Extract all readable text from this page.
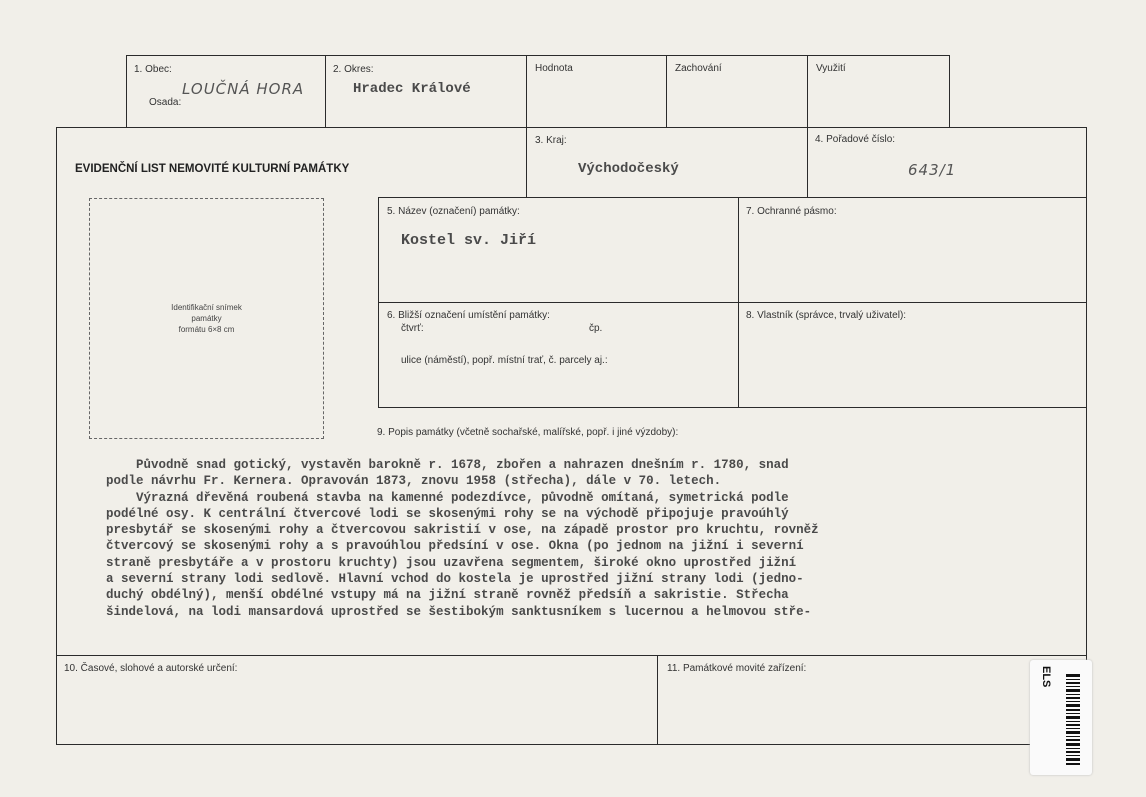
1. Obec:
LOUČNÁ HORA
Osada:
2. Okres:
Hradec Králové
Hodnota	Zachování	Využití
EVIDENČNÍ LIST NEMOVITÉ KULTURNÍ PAMÁTKY
3. Kraj:
Východočeský
4. Pořadové číslo:
643/1
Identifikační snímek
památky
formátu 6×8 cm
5. Název (označení) památky:
Kostel sv. Jiří
7. Ochranné pásmo:
6. Bližší označení umístění památky:
čtvrť:	čp.
ulice (náměstí), popř. místní trať, č. parcely aj.:
8. Vlastník (správce, trvalý uživatel):
9. Popis památky (včetně sochařské, malířské, popř. i jiné výzdoby):
Původně snad gotický, vystavěn barokně r. 1678, zbořen a nahrazen dnešním r. 1780, snad
podle návrhu Fr. Kernera. Opravován 1873, znovu 1958 (střecha), dále v 70. letech.
Výrazná dřevěná roubená stavba na kamenné podezdívce, původně omítaná, symetrická podle
podélné osy. K centrální čtvercové lodi se skosenými rohy se na východě připojuje pravoúhlý
presbytář se skosenými rohy a čtvercovou sakristií v ose, na západě prostor pro kruchtu, rovněž
čtvercový se skosenými rohy a s pravoúhlou předsíní v ose. Okna (po jednom na jižní i severní
straně presbytáře a v prostoru kruchty) jsou uzavřena segmentem, široké okno uprostřed jižní
a severní strany lodi sedlově. Hlavní vchod do kostela je uprostřed jižní strany lodi (jedno-
duchý obdélný), menší obdélné vstupy má na jižní straně rovněž předsíň a sakristie. Střecha
šindelová, na lodi mansardová uprostřed se šestibokým sanktusníkem s lucernou a helmovou stře-
10. Časové, slohové a autorské určení:	11. Památkové movité zařízení:	ELS
